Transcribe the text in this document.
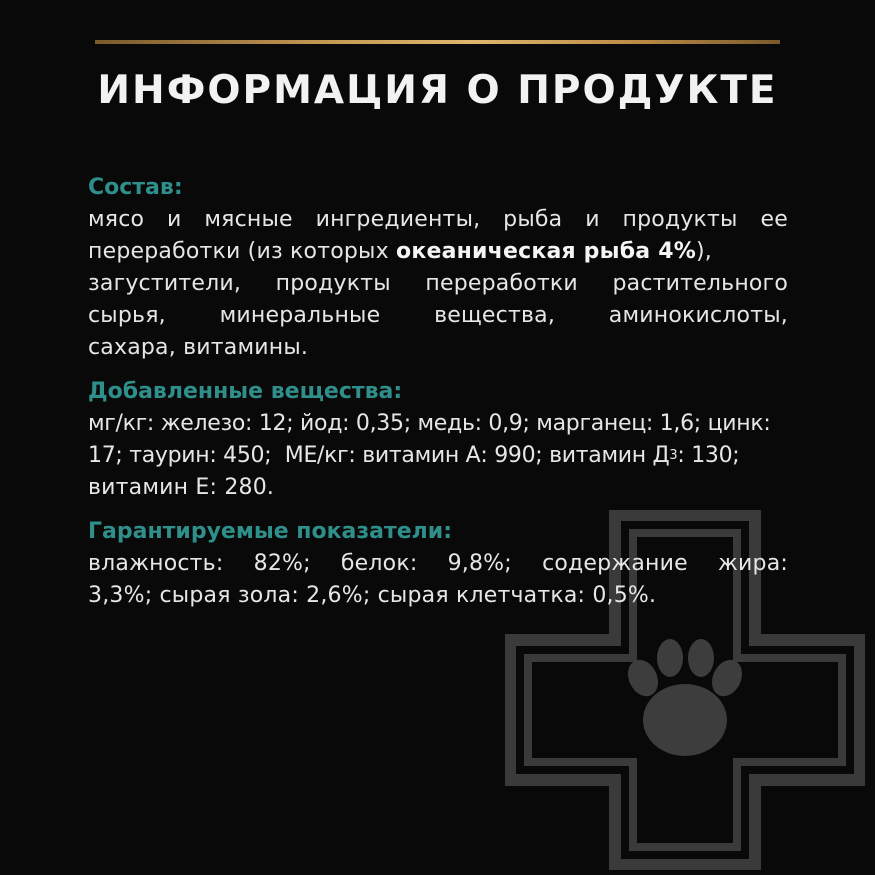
ИНФОРМАЦИЯ О ПРОДУКТЕ
Состав:
мясо и мясные ингредиенты, рыба и продукты ее
переработки (из которых океаническая рыба 4% ),
загустители, продукты переработки растительного
сырья, минеральные вещества, аминокислоты,
сахара, витамины.
Добавленные вещества:
мг/кг: железо: 12; йод: 0,35; медь: 0,9; марганец: 1,6; цинк:
17; таурин: 450;  МЕ/кг: витамин А: 990; витамин Д 3 : 130;
витамин Е: 280.
Гарантируемые показатели:
влажность: 82%; белок: 9,8%; содержание жира:
3,3%; сырая зола: 2,6%; сырая клетчатка: 0,5%.
